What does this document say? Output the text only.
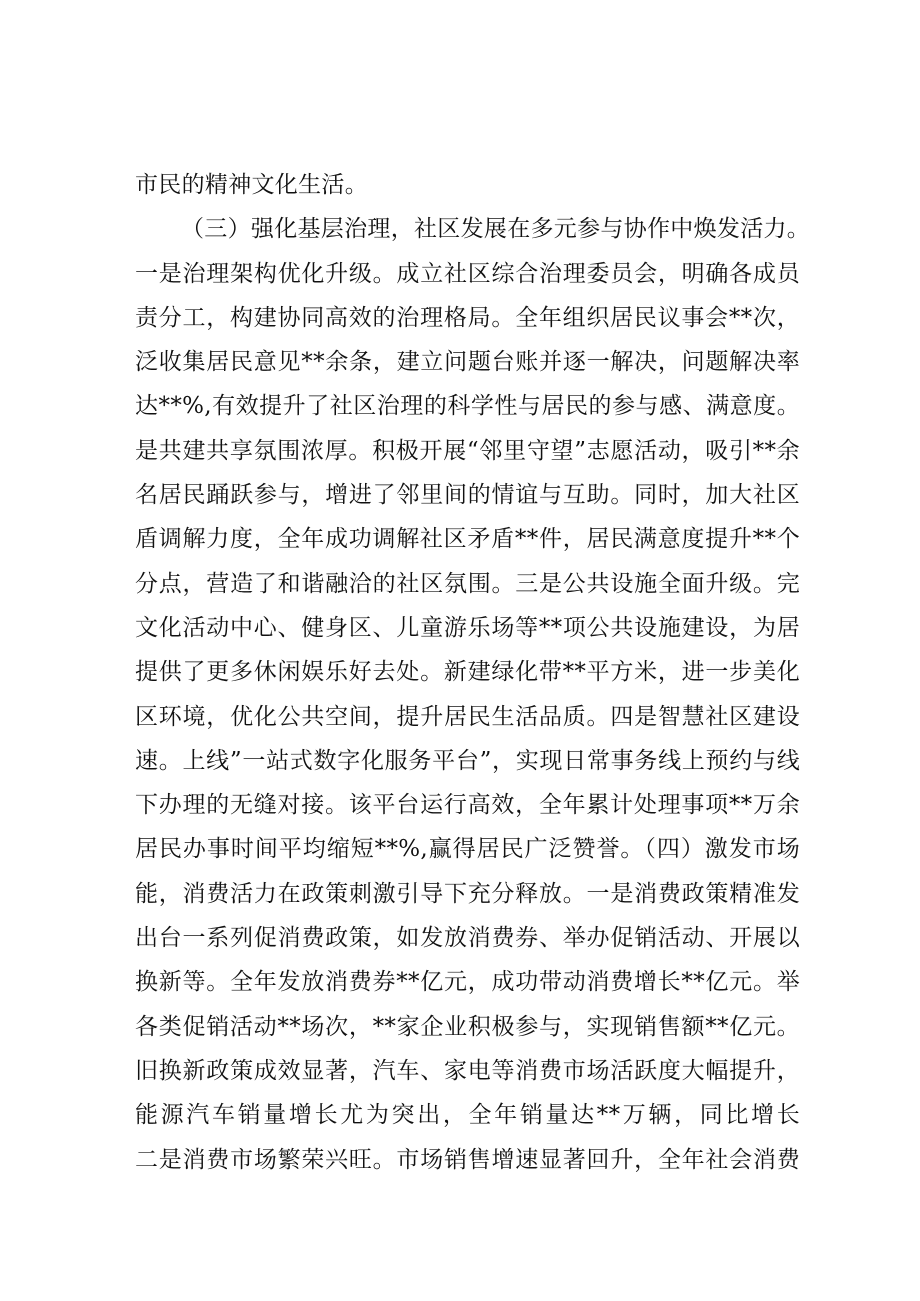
市民的精神文化生活。
（三）强化基层治理，社区发展在多元参与协作中焕发活力。
一是治理架构优化升级。成立社区综合治理委员会，明确各成员
责分工，构建协同高效的治理格局。全年组织居民议事会**次，
泛收集居民意见**余条，建立问题台账并逐一解决，问题解决率
达**%,有效提升了社区治理的科学性与居民的参与感、满意度。
是共建共享氛围浓厚。积极开展“邻里守望”志愿活动，吸引**余
名居民踊跃参与，增进了邻里间的情谊与互助。同时，加大社区
盾调解力度，全年成功调解社区矛盾**件，居民满意度提升**个
分点，营造了和谐融洽的社区氛围。三是公共设施全面升级。完
文化活动中心、健身区、儿童游乐场等**项公共设施建设，为居
提供了更多休闲娱乐好去处。新建绿化带**平方米，进一步美化
区环境，优化公共空间，提升居民生活品质。四是智慧社区建设
速。上线”一站式数字化服务平台”，实现日常事务线上预约与线
下办理的无缝对接。该平台运行高效，全年累计处理事项**万余
居民办事时间平均缩短**%,赢得居民广泛赞誉。（四）激发市场
能，消费活力在政策刺激引导下充分释放。一是消费政策精准发
出台一系列促消费政策，如发放消费券、举办促销活动、开展以
换新等。全年发放消费券**亿元，成功带动消费增长**亿元。举
各类促销活动**场次，**家企业积极参与，实现销售额**亿元。
旧换新政策成效显著，汽车、家电等消费市场活跃度大幅提升，
能源汽车销量增长尤为突出，全年销量达**万辆，同比增长
二是消费市场繁荣兴旺。市场销售增速显著回升，全年社会消费
